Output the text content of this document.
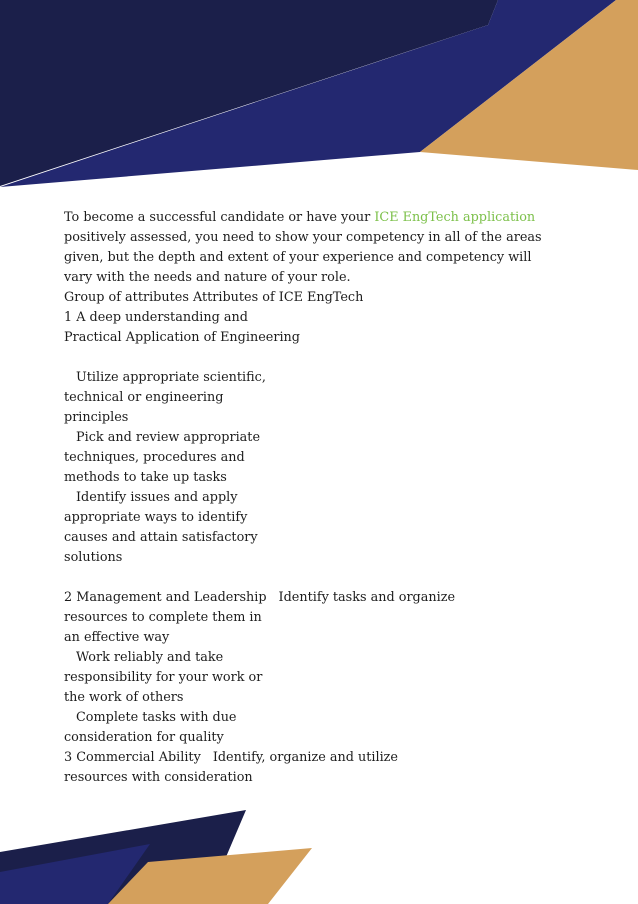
To become a successful candidate or have your ICE EngTech application

positively assessed, you need to show your competency in all of the areas

given, but the depth and extent of your experience and competency will

vary with the needs and nature of your role.

Group of attributes Attributes of ICE EngTech

1 A deep understanding and

Practical Application of Engineering

Utilize appropriate scientific,

technical or engineering

principles

Pick and review appropriate

techniques, procedures and

methods to take up tasks

Identify issues and apply

appropriate ways to identify

causes and attain satisfactory

solutions

2 Management and Leadership Identify tasks and organize

resources to complete them in

an effective way

Work reliably and take

responsibility for your work or

the work of others

Complete tasks with due

consideration for quality

3 Commercial Ability Identify, organize and utilize

resources with consideration
